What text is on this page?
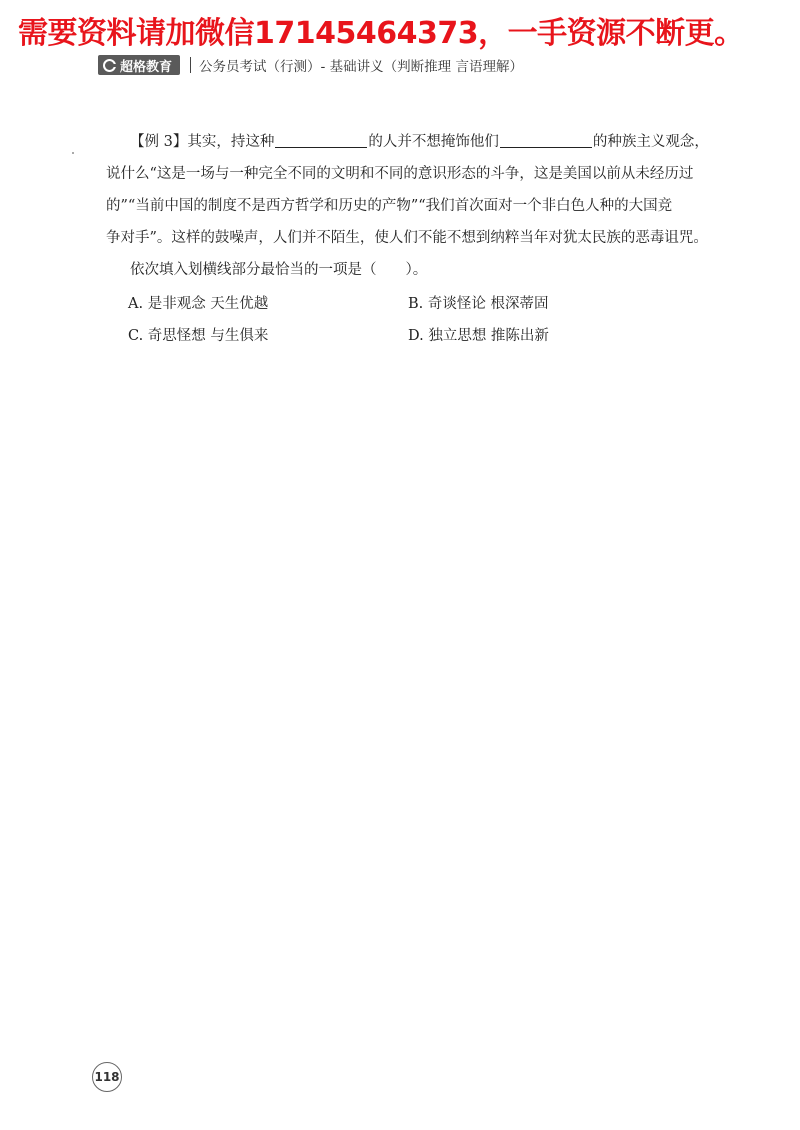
需要资料请加微信17145464373，一手资源不断更。
超格教育 公务员考试（行测）- 基础讲义（判断推理 言语理解）
【例 3】其实，持这种	的人并不想掩饰他们	的种族主义观念，
说什么“这是一场与一种完全不同的文明和不同的意识形态的斗争，这是美国以前从未经历过
的”“当前中国的制度不是西方哲学和历史的产物”“我们首次面对一个非白色人种的大国竞
争对手”。这样的鼓噪声，人们并不陌生，使人们不能不想到纳粹当年对犹太民族的恶毒诅咒。
依次填入划横线部分最恰当的一项是（　　）。
A. 是非观念 天生优越	B. 奇谈怪论 根深蒂固
C. 奇思怪想 与生俱来	D. 独立思想 推陈出新
118
